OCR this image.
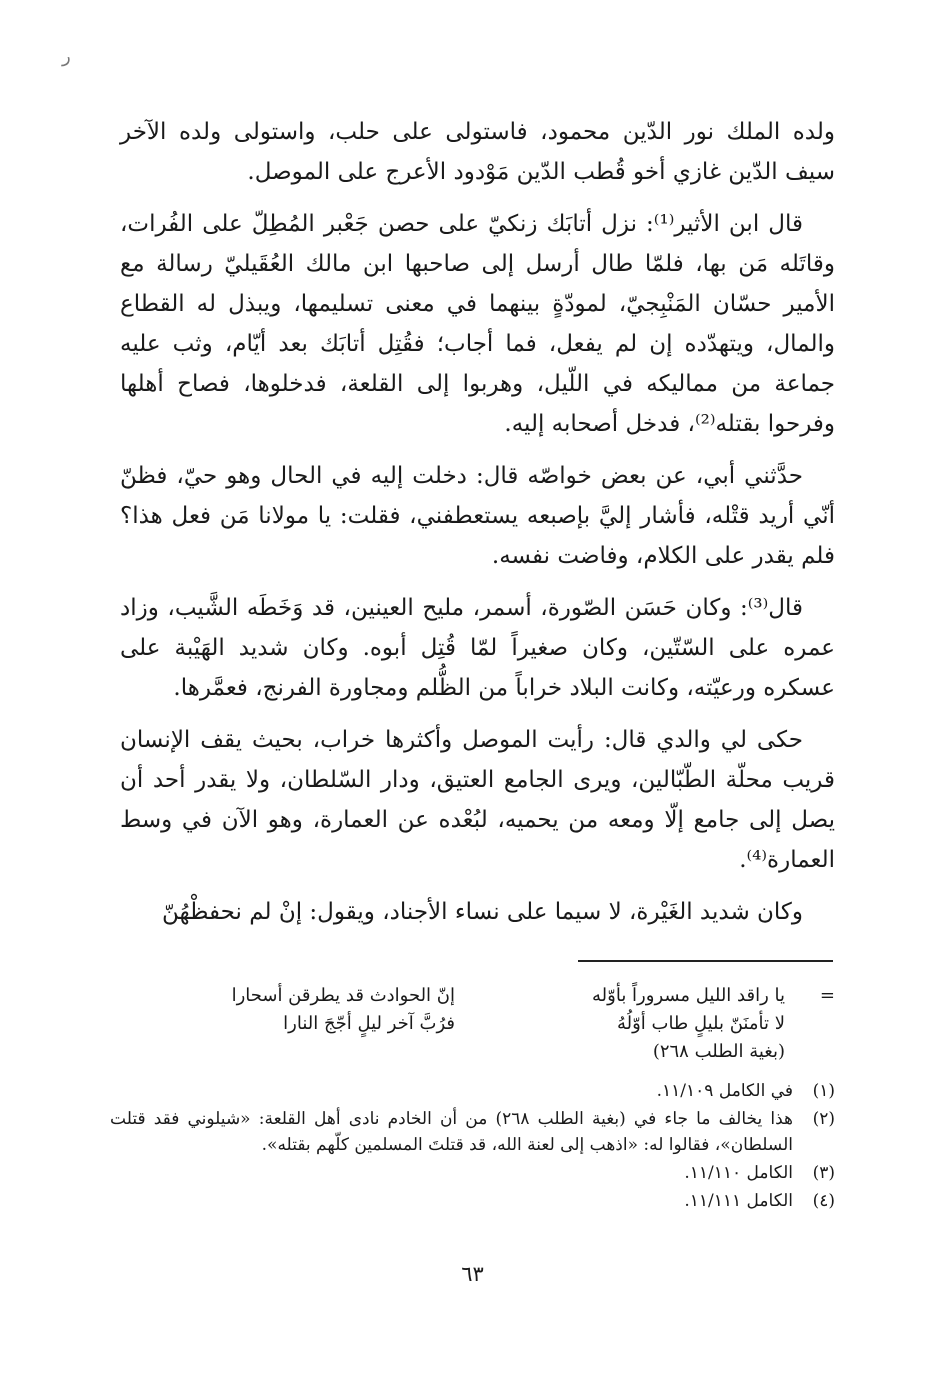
ر

ولده الملك نور الدّين محمود، فاستولى على حلب، واستولى ولده الآخر سيف الدّين غازي أخو قُطب الدّين مَوْدود الأعرج على الموصل.

قال ابن الأثير⁽¹⁾: نزل أتابَك زنكيّ على حصن جَعْبر المُطِلّ على الفُرات، وقاتَله مَن بها، فلمّا طال أرسل إلى صاحبها ابن مالك العُقَيليّ رسالة مع الأمير حسّان المَنْبِجيّ، لمودّةٍ بينهما في معنى تسليمها، ويبذل له القطاع والمال، ويتهدّده إن لم يفعل، فما أجاب؛ فقُتِل أتابَك بعد أيّام، وثب عليه جماعة من مماليكه في اللّيل، وهربوا إلى القلعة، فدخلوها، فصاح أهلها وفرحوا بقتله⁽²⁾، فدخل أصحابه إليه.

حدَّثني أبي، عن بعض خواصّه قال: دخلت إليه في الحال وهو حيّ، فظنّ أنّي أريد قتْله، فأشار إليَّ بإصبعه يستعطفني، فقلت: يا مولانا مَن فعل هذا؟ فلم يقدر على الكلام، وفاضت نفسه.

قال⁽³⁾: وكان حَسَن الصّورة، أسمر، مليح العينين، قد وَخَطَه الشَّيب، وزاد عمره على السّتّين، وكان صغيراً لمّا قُتِل أبوه. وكان شديد الهَيْبة على عسكره ورعيّته، وكانت البلاد خراباً من الظُّلم ومجاورة الفرنج، فعمَّرها.

حكى لي والدي قال: رأيت الموصل وأكثرها خراب، بحيث يقف الإنسان قريب محلّة الطّبّالين، ويرى الجامع العتيق، ودار السّلطان، ولا يقدر أحد أن يصل إلى جامع إلّا ومعه من يحميه، لبُعْده عن العمارة، وهو الآن في وسط العمارة⁽⁴⁾.

وكان شديد الغَيْرة، لا سيما على نساء الأجناد، ويقول: إنْ لم نحفظْهُنّ

=
يا راقد الليل مسروراً بأوّله
إنّ الحوادث قد يطرقن أسحارا
لا تأمنَنّ بليلٍ طاب أوّلُهُ
فرُبَّ آخر ليلٍ أجّجَ النارا
(بغية الطلب ٢٦٨)
(١)
في الكامل ١١/١٠٩.
(٢)
هذا يخالف ما جاء في (بغية الطلب ٢٦٨) من أن الخادم نادى أهل القلعة: «شيلوني فقد قتلت السلطان»، فقالوا له: «اذهب إلى لعنة الله، قد قتلتَ المسلمين كلّهم بقتله».
(٣)
الكامل ١١/١١٠.
(٤)
الكامل ١١/١١١.
٦٣
